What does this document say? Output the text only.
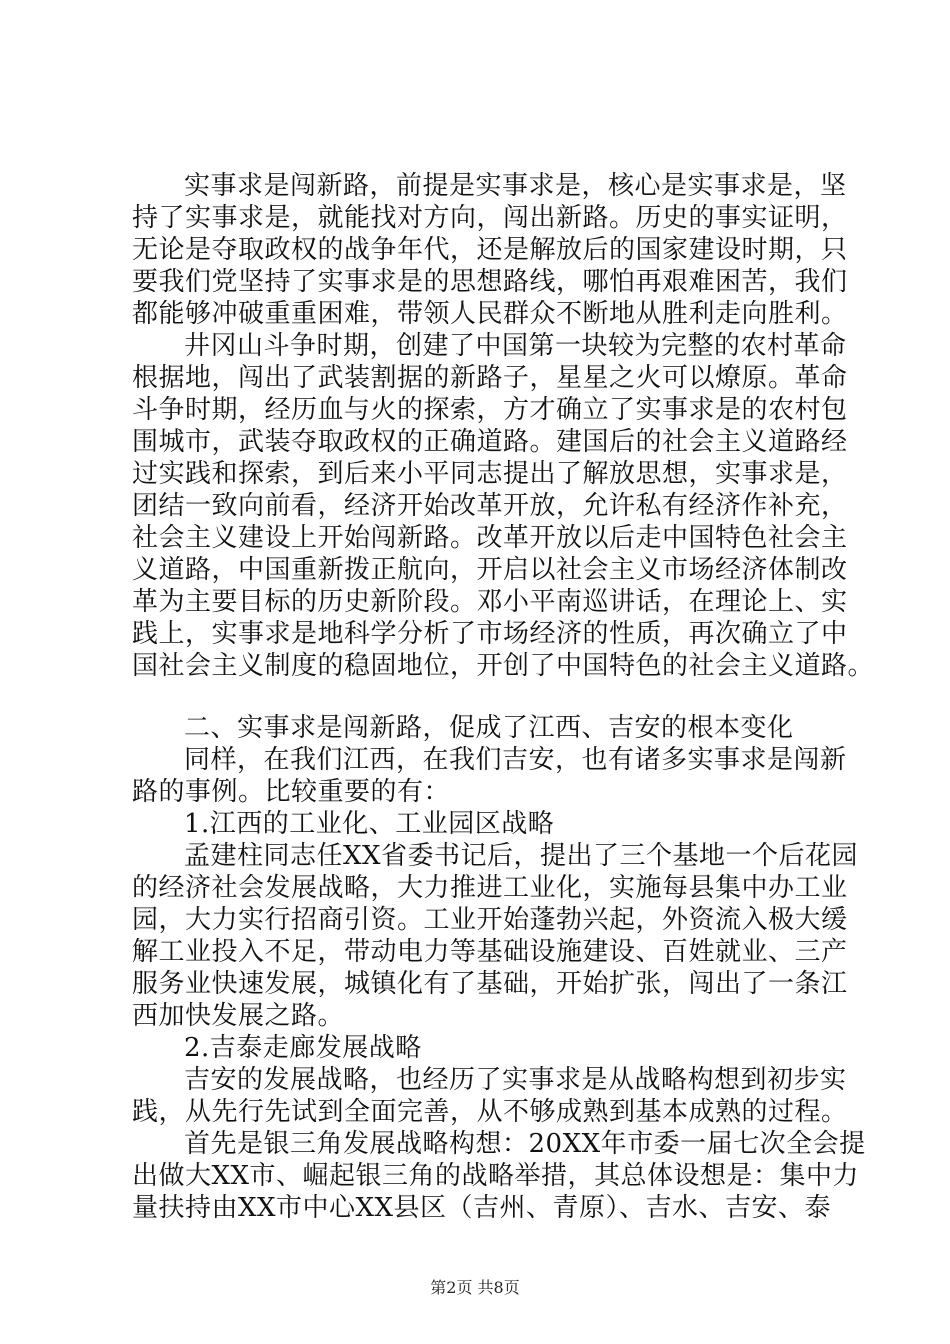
实事求是闯新路，前提是实事求是，核心是实事求是，坚
持了实事求是，就能找对方向，闯出新路。历史的事实证明，
无论是夺取政权的战争年代，还是解放后的国家建设时期，只
要我们党坚持了实事求是的思想路线，哪怕再艰难困苦，我们
都能够冲破重重困难，带领人民群众不断地从胜利走向胜利。
井冈山斗争时期，创建了中国第一块较为完整的农村革命
根据地，闯出了武装割据的新路子，星星之火可以燎原。革命
斗争时期，经历血与火的探索，方才确立了实事求是的农村包
围城市，武装夺取政权的正确道路。建国后的社会主义道路经
过实践和探索，到后来小平同志提出了解放思想，实事求是，
团结一致向前看，经济开始改革开放，允许私有经济作补充，
社会主义建设上开始闯新路。改革开放以后走中国特色社会主
义道路，中国重新拨正航向，开启以社会主义市场经济体制改
革为主要目标的历史新阶段。邓小平南巡讲话，在理论上、实
践上，实事求是地科学分析了市场经济的性质，再次确立了中
国社会主义制度的稳固地位，开创了中国特色的社会主义道路。
二、实事求是闯新路，促成了江西、吉安的根本变化
同样，在我们江西，在我们吉安，也有诸多实事求是闯新
路的事例。比较重要的有：
1.江西的工业化、工业园区战略
孟建柱同志任XX省委书记后，提出了三个基地一个后花园
的经济社会发展战略，大力推进工业化，实施每县集中办工业
园，大力实行招商引资。工业开始蓬勃兴起，外资流入极大缓
解工业投入不足，带动电力等基础设施建设、百姓就业、三产
服务业快速发展，城镇化有了基础，开始扩张，闯出了一条江
西加快发展之路。
2.吉泰走廊发展战略
吉安的发展战略，也经历了实事求是从战略构想到初步实
践，从先行先试到全面完善，从不够成熟到基本成熟的过程。
首先是银三角发展战略构想：20XX年市委一届七次全会提
出做大XX市、崛起银三角的战略举措，其总体设想是：集中力
量扶持由XX市中心XX县区（吉州、青原）、吉水、吉安、泰
第2页 共8页
